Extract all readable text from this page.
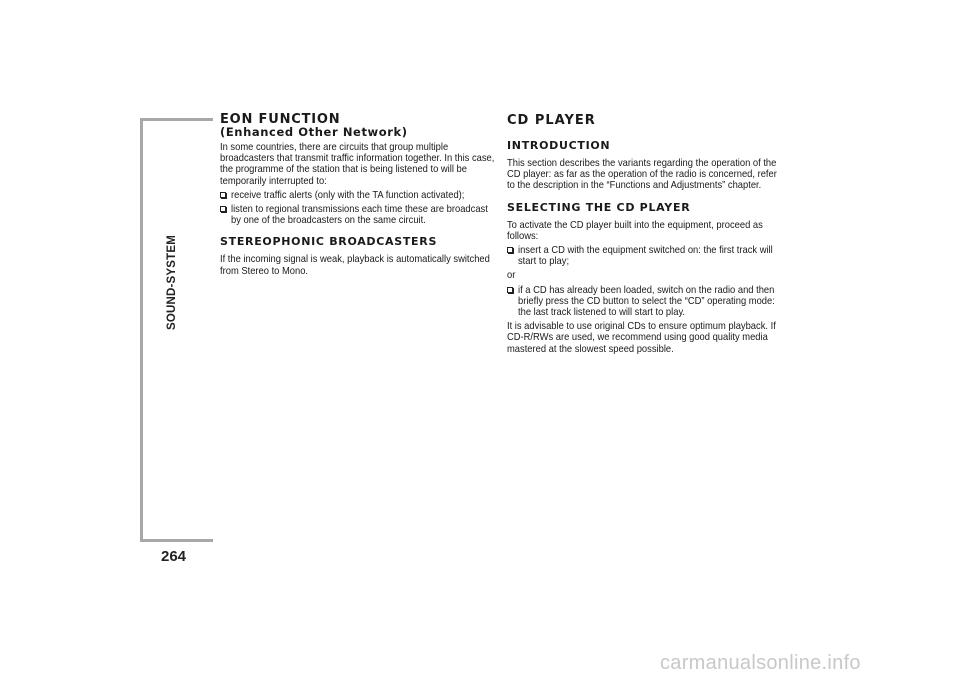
SOUND-SYSTEM
264
EON FUNCTION
(Enhanced Other Network)

In some countries, there are circuits that group multiple broadcasters that transmit traffic information together. In this case, the programme of the station that is being listened to will be temporarily interrupted to:

receive traffic alerts (only with the TA function activated);

listen to regional transmissions each time these are broadcast by one of the broadcasters on the same circuit.

STEREOPHONIC BROADCASTERS

If the incoming signal is weak, playback is automatically switched from Stereo to Mono.

CD PLAYER
INTRODUCTION

This section describes the variants regarding the operation of the CD player: as far as the operation of the radio is concerned, refer to the description in the “Functions and Adjustments” chapter.

SELECTING THE CD PLAYER

To activate the CD player built into the equipment, proceed as follows:

insert a CD with the equipment switched on: the first track will start to play;

or

if a CD has already been loaded, switch on the radio and then briefly press the CD button to select the “CD” operating mode: the last track listened to will start to play.

It is advisable to use original CDs to ensure optimum playback. If CD-R/RWs are used, we recommend using good quality media mastered at the slowest speed possible.

carmanualsonline.info
